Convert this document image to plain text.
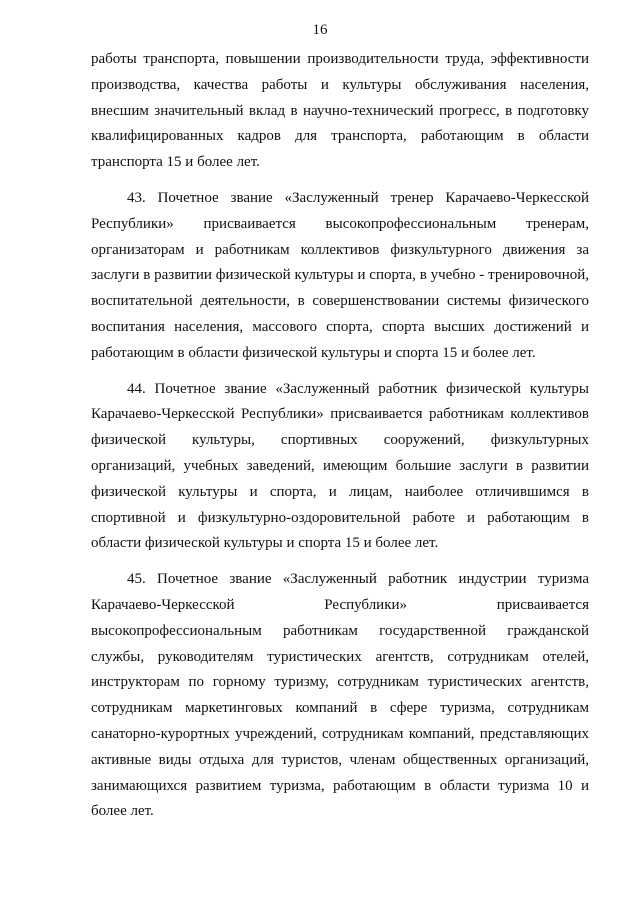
16

работы транспорта, повышении производительности труда, эффективности
производства, качества работы и культуры обслуживания населения,
внесшим значительный вклад в научно-технический прогресс, в подготовку
квалифицированных кадров для транспорта, работающим в области
транспорта 15 и более лет.

43. Почетное звание «Заслуженный тренер Карачаево-Черкесской
Республики» присваивается высокопрофессиональным тренерам,
организаторам и работникам коллективов физкультурного движения за
заслуги в развитии физической культуры и спорта, в учебно - тренировочной,
воспитательной деятельности, в совершенствовании системы физического
воспитания населения, массового спорта, спорта высших достижений и
работающим в области физической культуры и спорта 15 и более лет.

44. Почетное звание «Заслуженный работник физической культуры
Карачаево-Черкесской Республики» присваивается работникам коллективов
физической культуры, спортивных сооружений, физкультурных
организаций, учебных заведений, имеющим большие заслуги в развитии
физической культуры и спорта, и лицам, наиболее отличившимся в
спортивной и физкультурно-оздоровительной работе и работающим в
области физической культуры и спорта 15 и более лет.

45. Почетное звание «Заслуженный работник индустрии туризма
Карачаево-Черкесской Республики» присваивается
высокопрофессиональным работникам государственной гражданской
службы, руководителям туристических агентств, сотрудникам отелей,
инструкторам по горному туризму, сотрудникам туристических агентств,
сотрудникам маркетинговых компаний в сфере туризма, сотрудникам
санаторно-курортных учреждений, сотрудникам компаний, представляющих
активные виды отдыха для туристов, членам общественных организаций,
занимающихся развитием туризма, работающим в области туризма 10 и
более лет.
